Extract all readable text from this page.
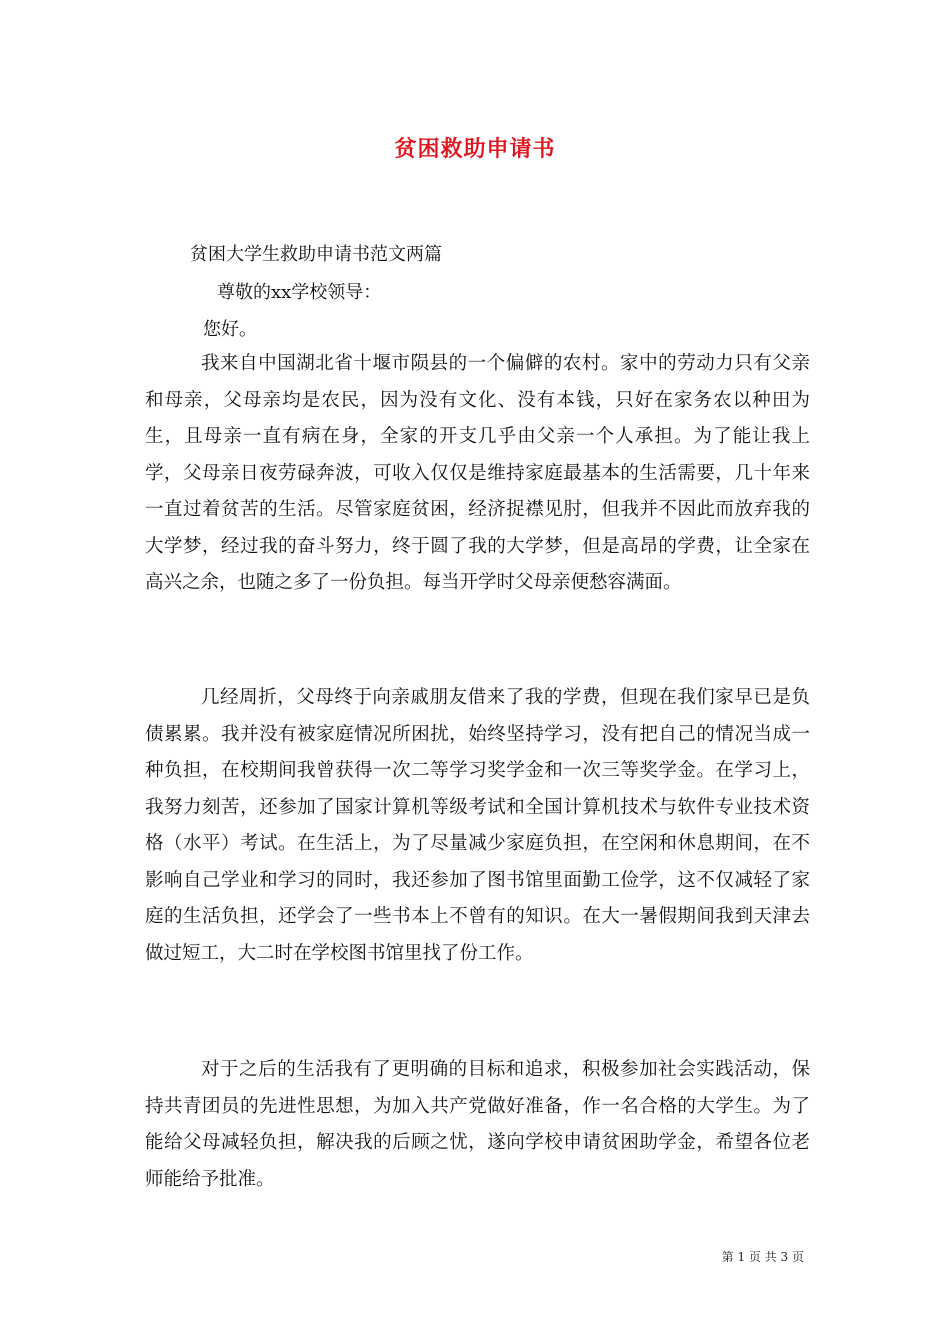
贫困救助申请书
贫困大学生救助申请书范文两篇
尊敬的xx学校领导：
您好。

我来自中国湖北省十堰市陨县的一个偏僻的农村。家中的劳动力只有父亲和母亲，父母亲均是农民，因为没有文化、没有本钱，只好在家务农以种田为生，且母亲一直有病在身，全家的开支几乎由父亲一个人承担。为了能让我上学，父母亲日夜劳碌奔波，可收入仅仅是维持家庭最基本的生活需要，几十年来一直过着贫苦的生活。尽管家庭贫困，经济捉襟见肘，但我并不因此而放弃我的大学梦，经过我的奋斗努力，终于圆了我的大学梦，但是高昂的学费，让全家在高兴之余，也随之多了一份负担。每当开学时父母亲便愁容满面。

几经周折，父母终于向亲戚朋友借来了我的学费，但现在我们家早已是负债累累。我并没有被家庭情况所困扰，始终坚持学习，没有把自己的情况当成一种负担，在校期间我曾获得一次二等学习奖学金和一次三等奖学金。在学习上，我努力刻苦，还参加了国家计算机等级考试和全国计算机技术与软件专业技术资格（水平）考试。在生活上，为了尽量减少家庭负担，在空闲和休息期间，在不影响自己学业和学习的同时，我还参加了图书馆里面勤工俭学，这不仅减轻了家庭的生活负担，还学会了一些书本上不曾有的知识。在大一暑假期间我到天津去做过短工，大二时在学校图书馆里找了份工作。

对于之后的生活我有了更明确的目标和追求，积极参加社会实践活动，保持共青团员的先进性思想，为加入共产党做好准备，作一名合格的大学生。为了能给父母减轻负担，解决我的后顾之忧，遂向学校申请贫困助学金，希望各位老师能给予批准。

第 1 页 共 3 页
